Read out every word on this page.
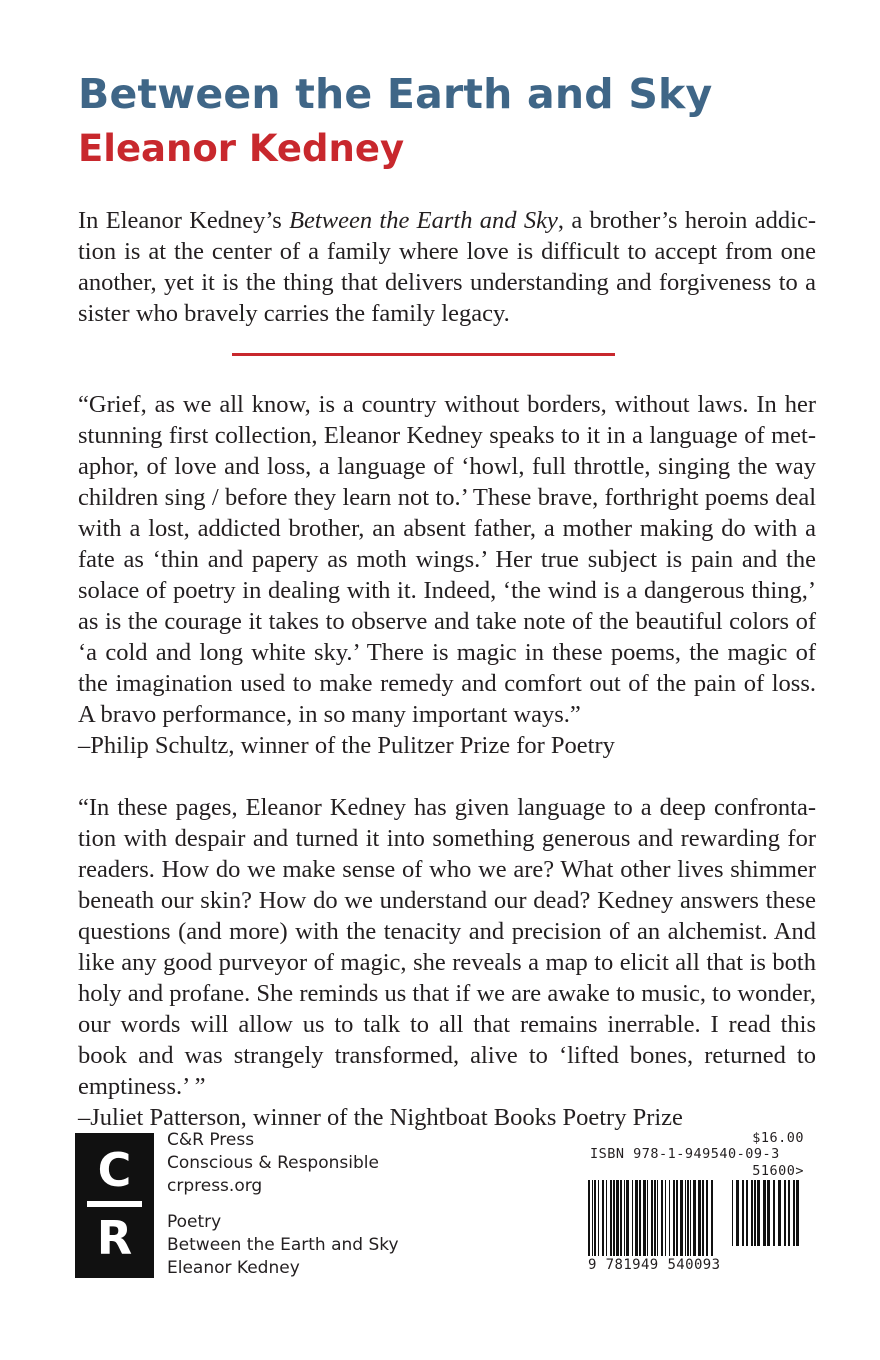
Between the Earth and Sky
Eleanor Kedney
In Eleanor Kedney’s Between the Earth and Sky, a brother’s heroin addiction is at the center of a family where love is difficult to accept from one another, yet it is the thing that delivers understanding and forgiveness to a sister who bravely carries the family legacy.
“Grief, as we all know, is a country without borders, without laws. In her stunning first collection, Eleanor Kedney speaks to it in a language of metaphor, of love and loss, a language of ‘howl, full throttle, singing the way children sing / before they learn not to.’ These brave, forthright poems deal with a lost, addicted brother, an absent father, a mother making do with a fate as ‘thin and papery as moth wings.’ Her true subject is pain and the solace of poetry in dealing with it. Indeed, ‘the wind is a dangerous thing,’ as is the courage it takes to observe and take note of the beautiful colors of ‘a cold and long white sky.’ There is magic in these poems, the magic of the imagination used to make remedy and comfort out of the pain of loss. A bravo performance, in so many important ways.”
–Philip Schultz, winner of the Pulitzer Prize for Poetry
“In these pages, Eleanor Kedney has given language to a deep confrontation with despair and turned it into something generous and rewarding for readers. How do we make sense of who we are? What other lives shimmer beneath our skin? How do we understand our dead? Kedney answers these questions (and more) with the tenacity and precision of an alchemist. And like any good purveyor of magic, she reveals a map to elicit all that is both holy and profane. She reminds us that if we are awake to music, to wonder, our words will allow us to talk to all that remains inerrable. I read this book and was strangely transformed, alive to ‘lifted bones, returned to emptiness.’ ”
–Juliet Patterson, winner of the Nightboat Books Poetry Prize
C
R
C&R Press
Conscious & Responsible
crpress.org
Poetry
Between the Earth and Sky
Eleanor Kedney
$16.00
ISBN 978-1-949540-09-3
51600>
9 781949 540093
